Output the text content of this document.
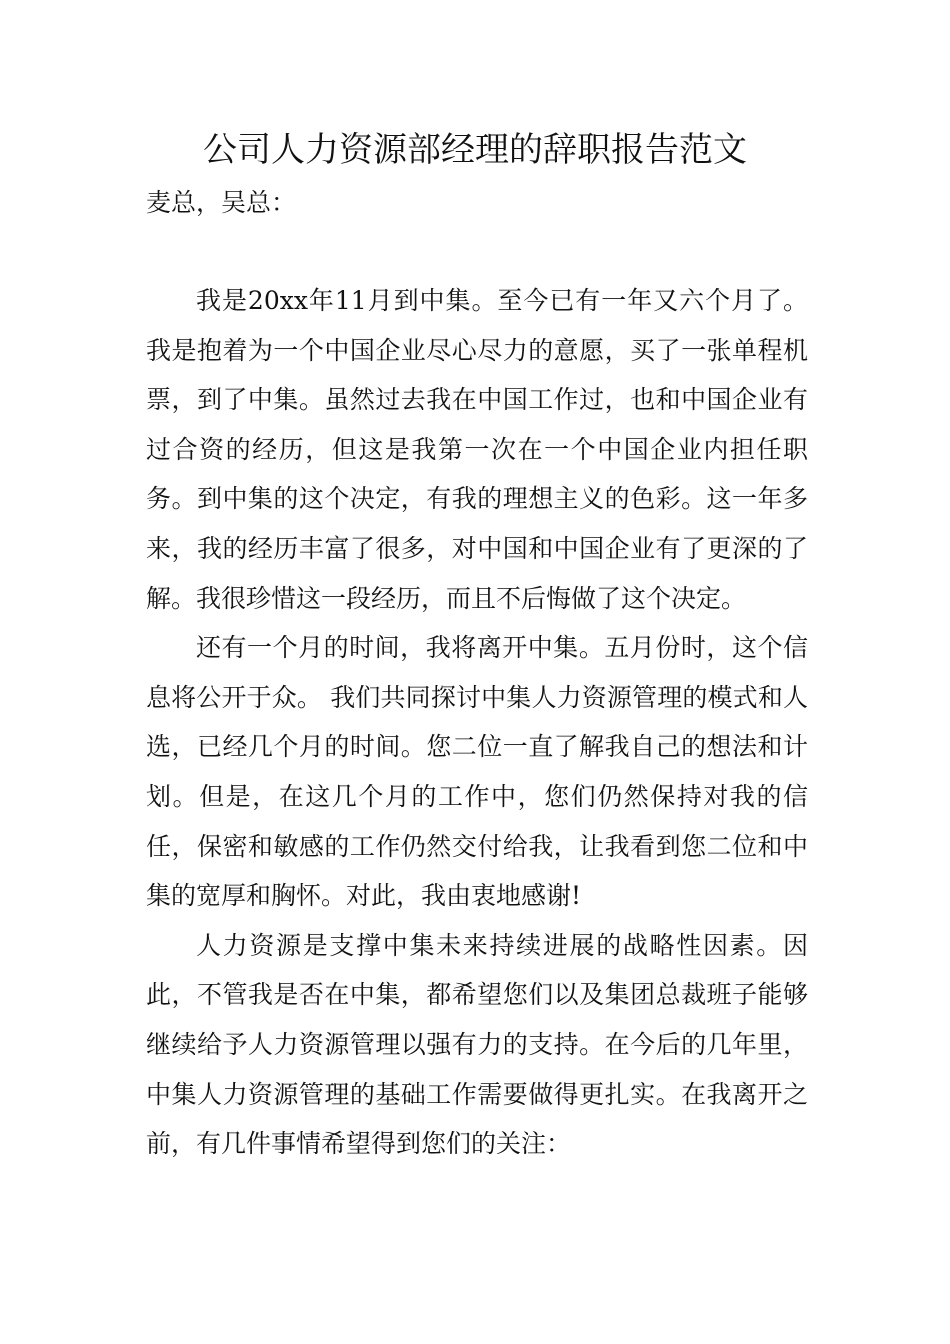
公司人力资源部经理的辞职报告范文

麦总，吴总：

我是20xx年11月到中集。至今已有一年又六个月了。我是抱着为一个中国企业尽心尽力的意愿，买了一张单程机票，到了中集。虽然过去我在中国工作过，也和中国企业有过合资的经历，但这是我第一次在一个中国企业内担任职务。到中集的这个决定，有我的理想主义的色彩。这一年多来，我的经历丰富了很多，对中国和中国企业有了更深的了解。我很珍惜这一段经历，而且不后悔做了这个决定。

还有一个月的时间，我将离开中集。五月份时，这个信息将公开于众。 我们共同探讨中集人力资源管理的模式和人选，已经几个月的时间。您二位一直了解我自己的想法和计划。但是，在这几个月的工作中，您们仍然保持对我的信任，保密和敏感的工作仍然交付给我，让我看到您二位和中集的宽厚和胸怀。对此，我由衷地感谢!

人力资源是支撑中集未来持续进展的战略性因素。因此，不管我是否在中集，都希望您们以及集团总裁班子能够继续给予人力资源管理以强有力的支持。在今后的几年里，中集人力资源管理的基础工作需要做得更扎实。在我离开之前，有几件事情希望得到您们的关注：
